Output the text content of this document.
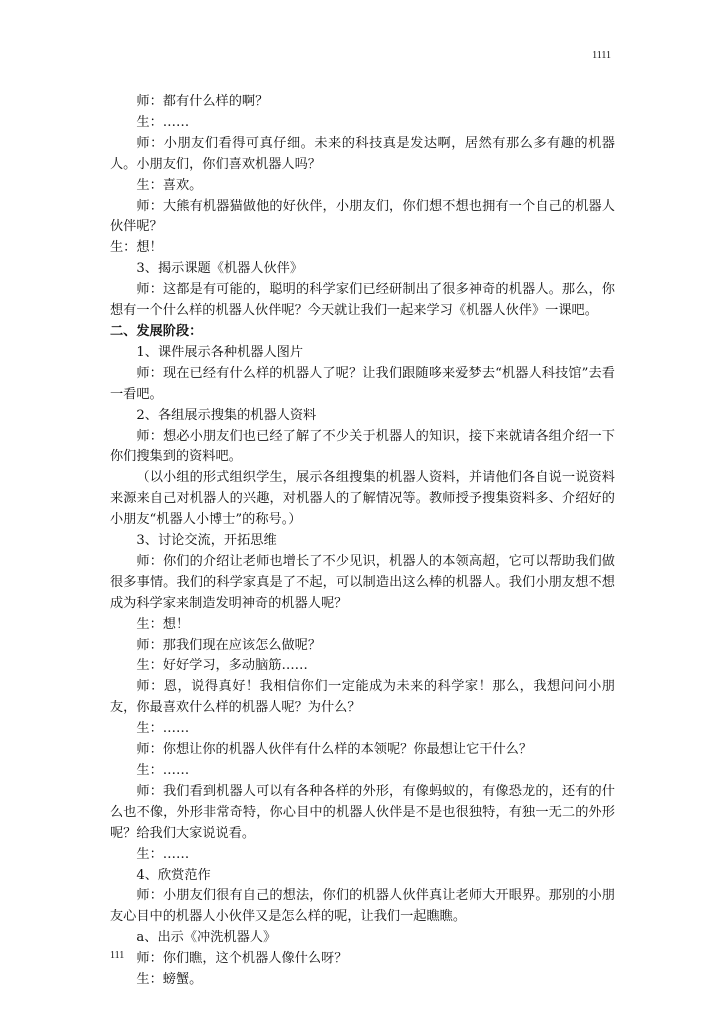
1111

师：都有什么样的啊？

生：……

师：小朋友们看得可真仔细。未来的科技真是发达啊，居然有那么多有趣的机器人。小朋友们，你们喜欢机器人吗？

生：喜欢。

师：大熊有机器猫做他的好伙伴，小朋友们，你们想不想也拥有一个自己的机器人伙伴呢？

生：想！

3、揭示课题《机器人伙伴》

师：这都是有可能的，聪明的科学家们已经研制出了很多神奇的机器人。那么，你想有一个什么样的机器人伙伴呢？今天就让我们一起来学习《机器人伙伴》一课吧。

二、发展阶段：

1、课件展示各种机器人图片

师：现在已经有什么样的机器人了呢？让我们跟随哆来爱梦去“机器人科技馆”去看一看吧。

2、各组展示搜集的机器人资料

师：想必小朋友们也已经了解了不少关于机器人的知识，接下来就请各组介绍一下你们搜集到的资料吧。

（以小组的形式组织学生，展示各组搜集的机器人资料，并请他们各自说一说资料来源来自己对机器人的兴趣，对机器人的了解情况等。教师授予搜集资料多、介绍好的小朋友“机器人小博士”的称号。）

3、讨论交流，开拓思维

师：你们的介绍让老师也增长了不少见识，机器人的本领高超，它可以帮助我们做很多事情。我们的科学家真是了不起，可以制造出这么棒的机器人。我们小朋友想不想成为科学家来制造发明神奇的机器人呢？

生：想！

师：那我们现在应该怎么做呢？

生：好好学习，多动脑筋……

师：恩，说得真好！我相信你们一定能成为未来的科学家！那么，我想问问小朋友，你最喜欢什么样的机器人呢？为什么？

生：……

师：你想让你的机器人伙伴有什么样的本领呢？你最想让它干什么？

生：……

师：我们看到机器人可以有各种各样的外形，有像蚂蚁的，有像恐龙的，还有的什么也不像，外形非常奇特，你心目中的机器人伙伴是不是也很独特，有独一无二的外形呢？给我们大家说说看。

生：……

4、欣赏范作

师：小朋友们很有自己的想法，你们的机器人伙伴真让老师大开眼界。那别的小朋友心目中的机器人小伙伴又是怎么样的呢，让我们一起瞧瞧。

a、出示《冲洗机器人》

师：你们瞧，这个机器人像什么呀？

生：螃蟹。

111
